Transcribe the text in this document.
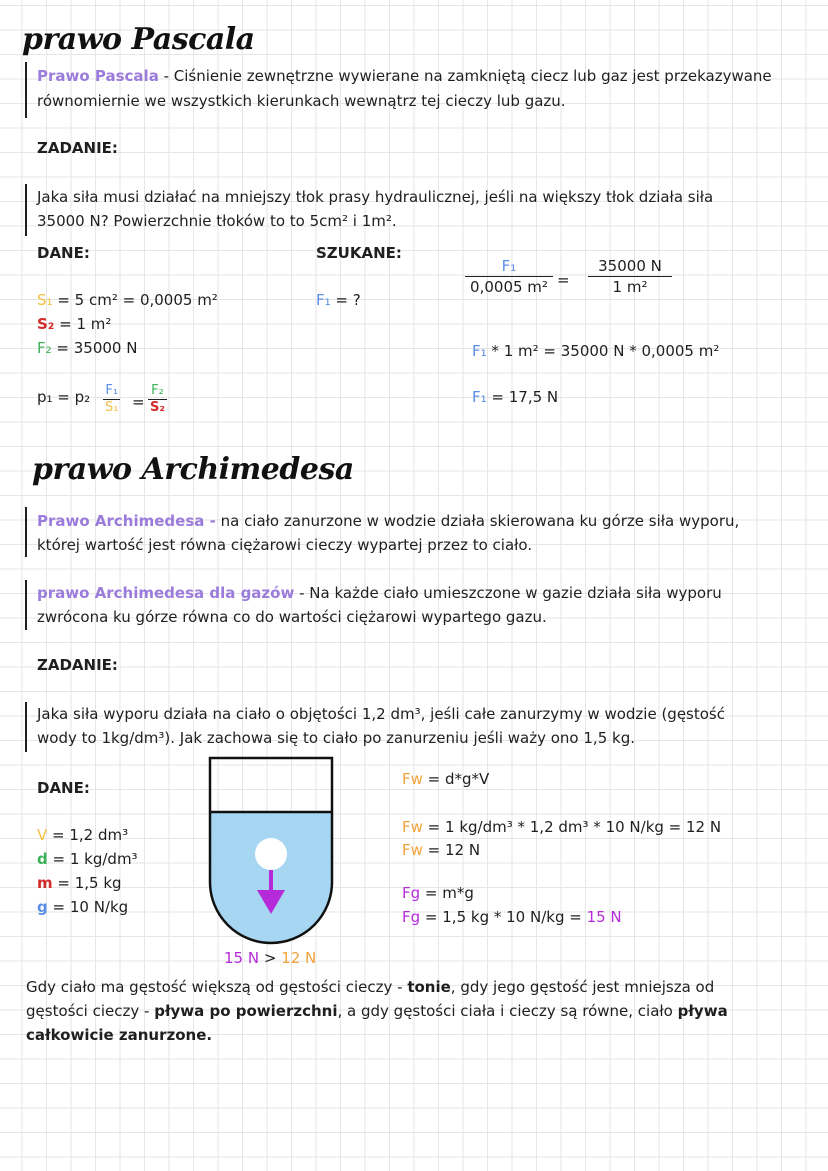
prawo Pascala
Prawo Pascala - Ciśnienie zewnętrzne wywierane na zamkniętą ciecz lub gaz jest przekazywane
równomiernie we wszystkich kierunkach wewnątrz tej cieczy lub gazu.
ZADANIE:
Jaka siła musi działać na mniejszy tłok prasy hydraulicznej, jeśli na większy tłok działa siła
35000 N? Powierzchnie tłoków to to 5cm² i 1m².
DANE:	SZUKANE:
S₁ = 5 cm² = 0,0005 m²
S₂ = 1 m²
F₂ = 35000 N
F₁ = ?
$p_1 = p_2 \frac{\text{F₁}}{\text{S₁}} = \frac{\text{F₂}}{\text{S₂}}$
F₁
0,0005 m² =
35000 N
1 m²
F₁ * 1 m² = 35000 N * 0,0005 m²
F₁ = 17,5 N
prawo Archimedesa
Prawo Archimedesa - na ciało zanurzone w wodzie działa skierowana ku górze siła wyporu,
której wartość jest równa ciężarowi cieczy wypartej przez to ciało.
prawo Archimedesa dla gazów - Na każde ciało umieszczone w gazie działa siła wyporu
zwrócona ku górze równa co do wartości ciężarowi wypartego gazu.
ZADANIE:
Jaka siła wyporu działa na ciało o objętości 1,2 dm³, jeśli całe zanurzymy w wodzie (gęstość
wody to 1kg/dm³). Jak zachowa się to ciało po zanurzeniu jeśli waży ono 1,5 kg.
DANE:
V = 1,2 dm³
d = 1 kg/dm³
m = 1,5 kg
g = 10 N/kg
Fw = d*g*V
Fw = 1 kg/dm³ * 1,2 dm³ * 10 N/kg = 12 N
Fw = 12 N
Fg = m*g
Fg = 1,5 kg * 10 N/kg = 15 N
15 N > 12 N
Gdy ciało ma gęstość większą od gęstości cieczy - tonie, gdy jego gęstość jest mniejsza od
gęstości cieczy - pływa po powierzchni, a gdy gęstości ciała i cieczy są równe, ciało pływa
całkowicie zanurzone.
